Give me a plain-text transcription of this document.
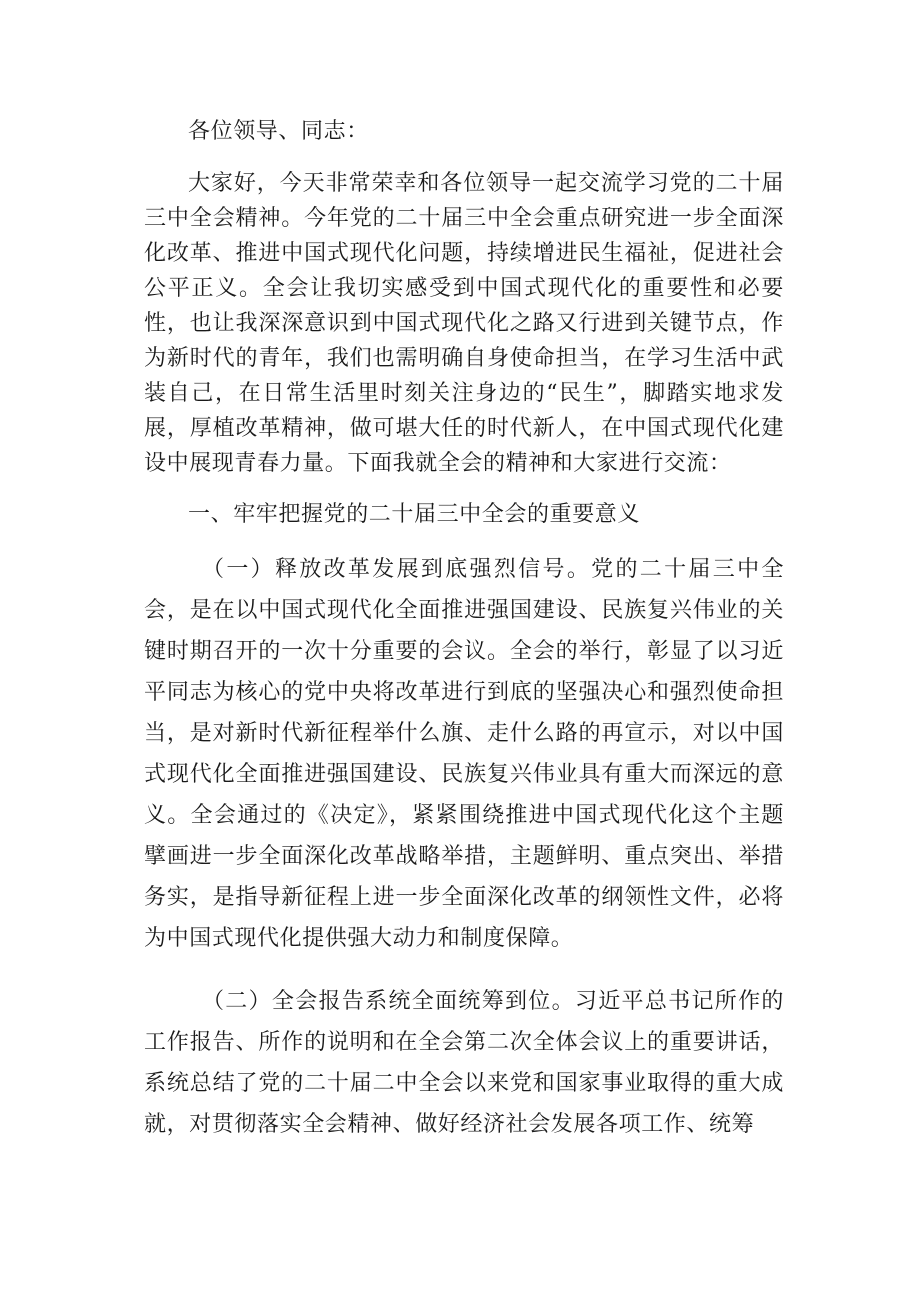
各位领导、同志：

大家好，今天非常荣幸和各位领导一起交流学习党的二十届三中全会精神。今年党的二十届三中全会重点研究进一步全面深化改革、推进中国式现代化问题，持续增进民生福祉，促进社会公平正义。全会让我切实感受到中国式现代化的重要性和必要性，也让我深深意识到中国式现代化之路又行进到关键节点，作为新时代的青年，我们也需明确自身使命担当，在学习生活中武装自己，在日常生活里时刻关注身边的“民生”，脚踏实地求发展，厚植改革精神，做可堪大任的时代新人，在中国式现代化建设中展现青春力量。下面我就全会的精神和大家进行交流：

一、牢牢把握党的二十届三中全会的重要意义

（一）释放改革发展到底强烈信号。党的二十届三中全会，是在以中国式现代化全面推进强国建设、民族复兴伟业的关键时期召开的一次十分重要的会议。全会的举行，彰显了以习近平同志为核心的党中央将改革进行到底的坚强决心和强烈使命担当，是对新时代新征程举什么旗、走什么路的再宣示，对以中国式现代化全面推进强国建设、民族复兴伟业具有重大而深远的意义。全会通过的《决定》，紧紧围绕推进中国式现代化这个主题擘画进一步全面深化改革战略举措，主题鲜明、重点突出、举措务实，是指导新征程上进一步全面深化改革的纲领性文件，必将为中国式现代化提供强大动力和制度保障。

（二）全会报告系统全面统筹到位。习近平总书记所作的工作报告、所作的说明和在全会第二次全体会议上的重要讲话，系统总结了党的二十届二中全会以来党和国家事业取得的重大成就，对贯彻落实全会精神、做好经济社会发展各项工作、统筹
